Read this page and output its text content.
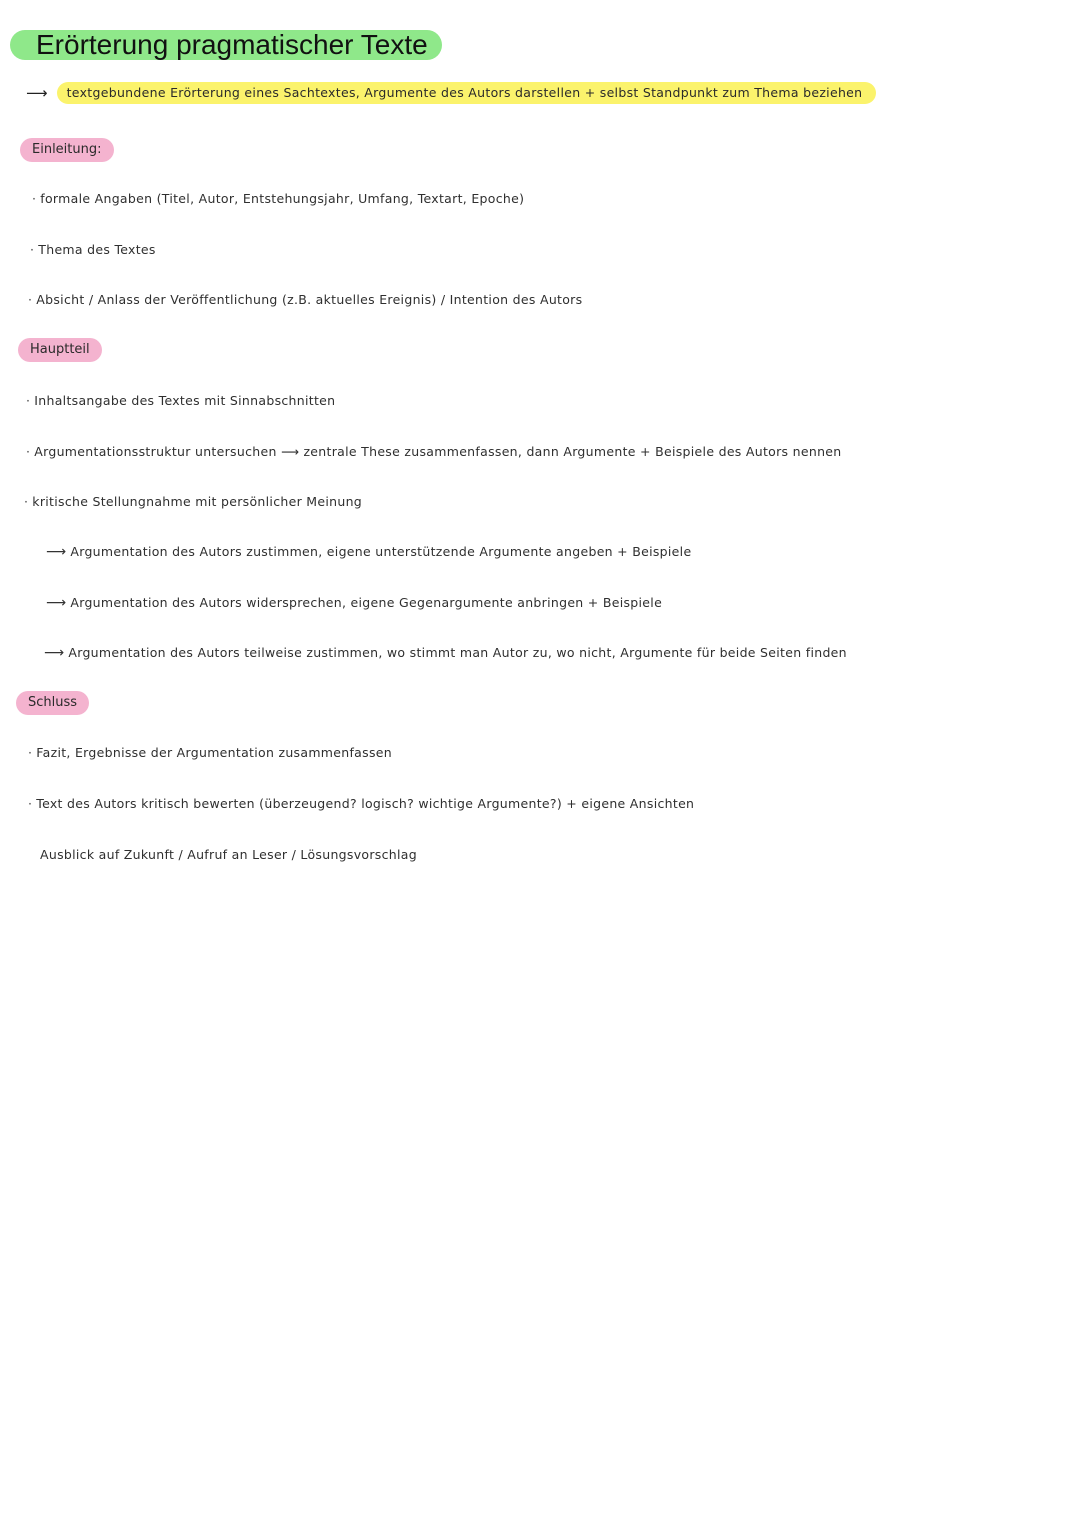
Erörterung pragmatischer Texte
⟶ textgebundene Erörterung eines Sachtextes, Argumente des Autors darstellen + selbst Standpunkt zum Thema beziehen
Einleitung:
· formale Angaben (Titel, Autor, Entstehungsjahr, Umfang, Textart, Epoche)
· Thema des Textes
· Absicht / Anlass der Veröffentlichung (z.B. aktuelles Ereignis) / Intention des Autors
Hauptteil
· Inhaltsangabe des Textes mit Sinnabschnitten
· Argumentationsstruktur untersuchen ⟶ zentrale These zusammenfassen, dann Argumente + Beispiele des Autors nennen
· kritische Stellungnahme mit persönlicher Meinung
⟶ Argumentation des Autors zustimmen, eigene unterstützende Argumente angeben + Beispiele
⟶ Argumentation des Autors widersprechen, eigene Gegenargumente anbringen + Beispiele
⟶ Argumentation des Autors teilweise zustimmen, wo stimmt man Autor zu, wo nicht, Argumente für beide Seiten finden
Schluss
· Fazit, Ergebnisse der Argumentation zusammenfassen
· Text des Autors kritisch bewerten (überzeugend? logisch? wichtige Argumente?) + eigene Ansichten
Ausblick auf Zukunft / Aufruf an Leser / Lösungsvorschlag
